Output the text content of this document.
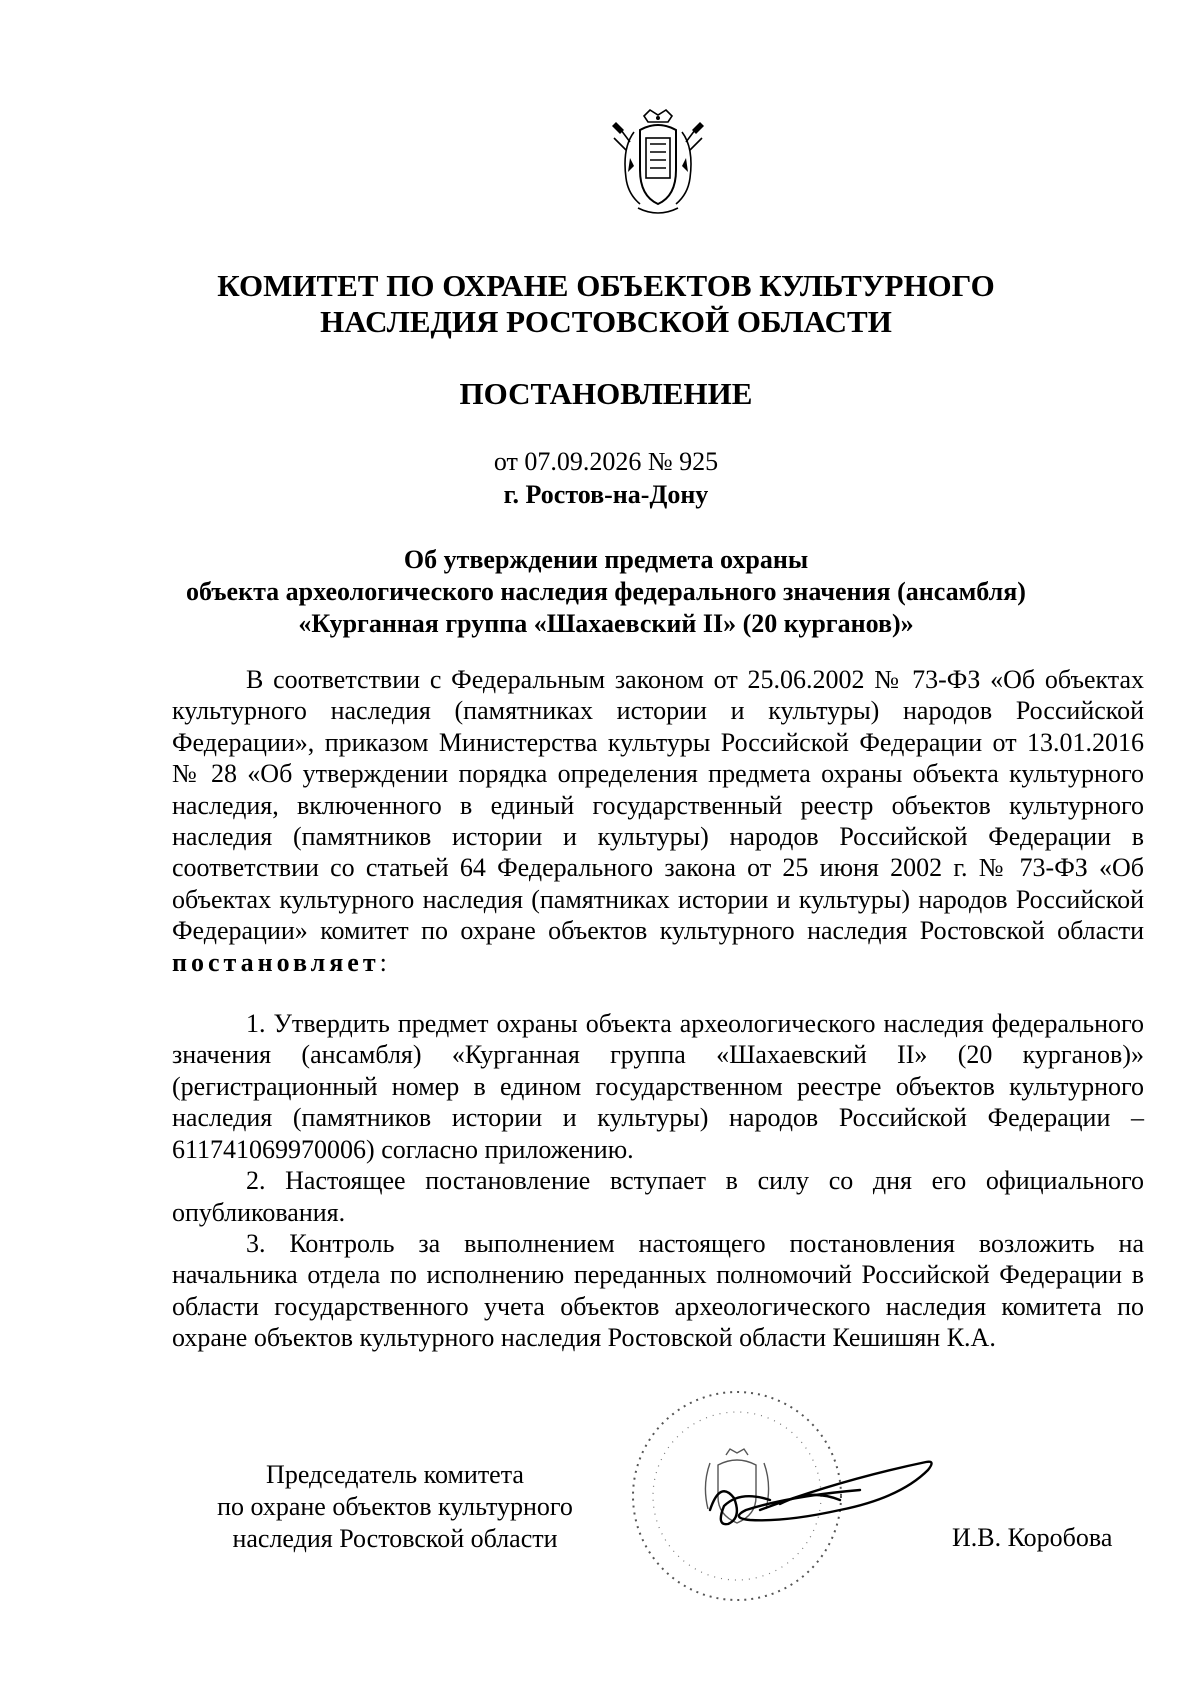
КОМИТЕТ ПО ОХРАНЕ ОБЪЕКТОВ КУЛЬТУРНОГО
НАСЛЕДИЯ РОСТОВСКОЙ ОБЛАСТИ
ПОСТАНОВЛЕНИЕ
от 07.09.2026 № 925
г. Ростов-на-Дону
Об утверждении предмета охраны
объекта археологического наследия федерального значения (ансамбля)
«Курганная группа «Шахаевский II» (20 курганов)»

В соответствии с Федеральным законом от 25.06.2002 № 73-ФЗ «Об объектах культурного наследия (памятниках истории и культуры) народов Российской Федерации», приказом Министерства культуры Российской Федерации от 13.01.2016 № 28 «Об утверждении порядка определения предмета охраны объекта культурного наследия, включенного в единый государственный реестр объектов культурного наследия (памятников истории и культуры) народов Российской Федерации в соответствии со статьей 64 Федерального закона от 25 июня 2002 г. № 73-ФЗ «Об объектах культурного наследия (памятниках истории и культуры) народов Российской Федерации» комитет по охране объектов культурного наследия Ростовской области постановляет:

1. Утвердить предмет охраны объекта археологического наследия федерального значения (ансамбля) «Курганная группа «Шахаевский II» (20 курганов)» (регистрационный номер в едином государственном реестре объектов культурного наследия (памятников истории и культуры) народов Российской Федерации – 611741069970006) согласно приложению.

2. Настоящее постановление вступает в силу со дня его официального опубликования.

3. Контроль за выполнением настоящего постановления возложить на начальника отдела по исполнению переданных полномочий Российской Федерации в области государственного учета объектов археологического наследия комитета по охране объектов культурного наследия Ростовской области Кешишян К.А.

Председатель комитета
по охране объектов культурного
наследия Ростовской области	И.В. Коробова
